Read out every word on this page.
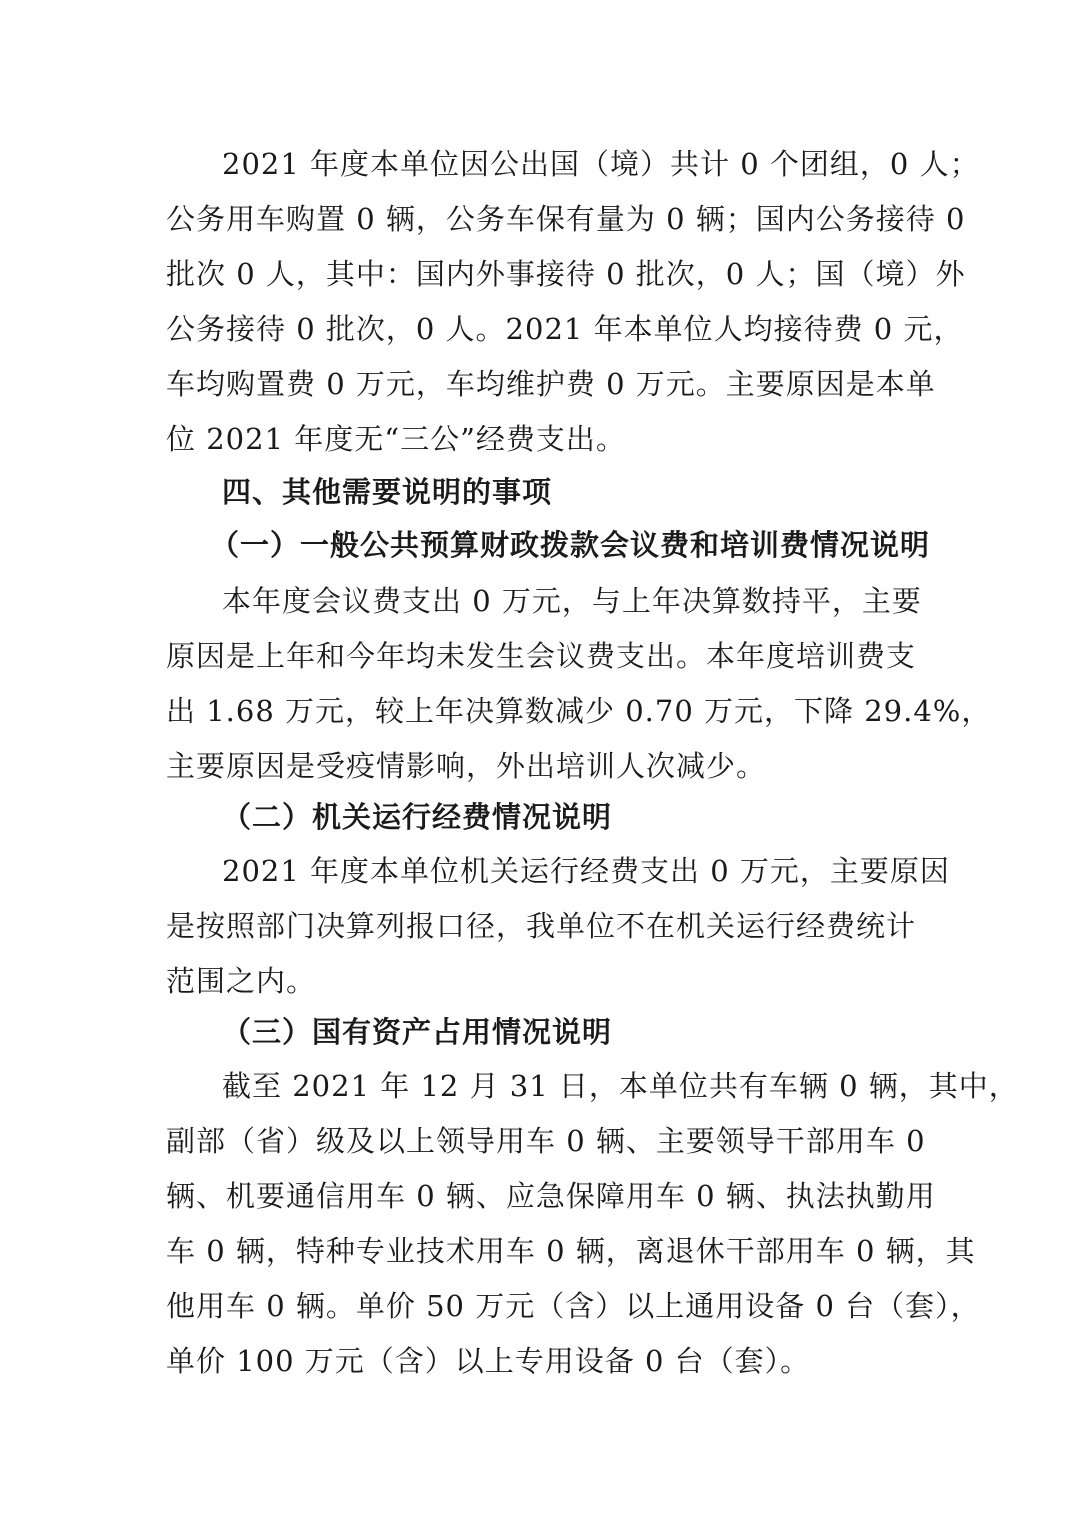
2021 年度本单位因公出国（境）共计 0 个团组，0 人；
公务用车购置 0 辆，公务车保有量为 0 辆；国内公务接待 0
批次 0 人，其中：国内外事接待 0 批次，0 人；国（境）外
公务接待 0 批次，0 人。2021 年本单位人均接待费 0 元，
车均购置费 0 万元，车均维护费 0 万元。主要原因是本单
位 2021 年度无“三公”经费支出。
四、其他需要说明的事项
（一）一般公共预算财政拨款会议费和培训费情况说明
本年度会议费支出 0 万元，与上年决算数持平，主要
原因是上年和今年均未发生会议费支出。本年度培训费支
出 1.68 万元，较上年决算数减少 0.70 万元，下降 29.4%，
主要原因是受疫情影响，外出培训人次减少。
（二）机关运行经费情况说明
2021 年度本单位机关运行经费支出 0 万元，主要原因
是按照部门决算列报口径，我单位不在机关运行经费统计
范围之内。
（三）国有资产占用情况说明
截至 2021 年 12 月 31 日，本单位共有车辆 0 辆，其中，
副部（省）级及以上领导用车 0 辆、主要领导干部用车 0
辆、机要通信用车 0 辆、应急保障用车 0 辆、执法执勤用
车 0 辆，特种专业技术用车 0 辆，离退休干部用车 0 辆，其
他用车 0 辆。单价 50 万元（含）以上通用设备 0 台（套），
单价 100 万元（含）以上专用设备 0 台（套）。
